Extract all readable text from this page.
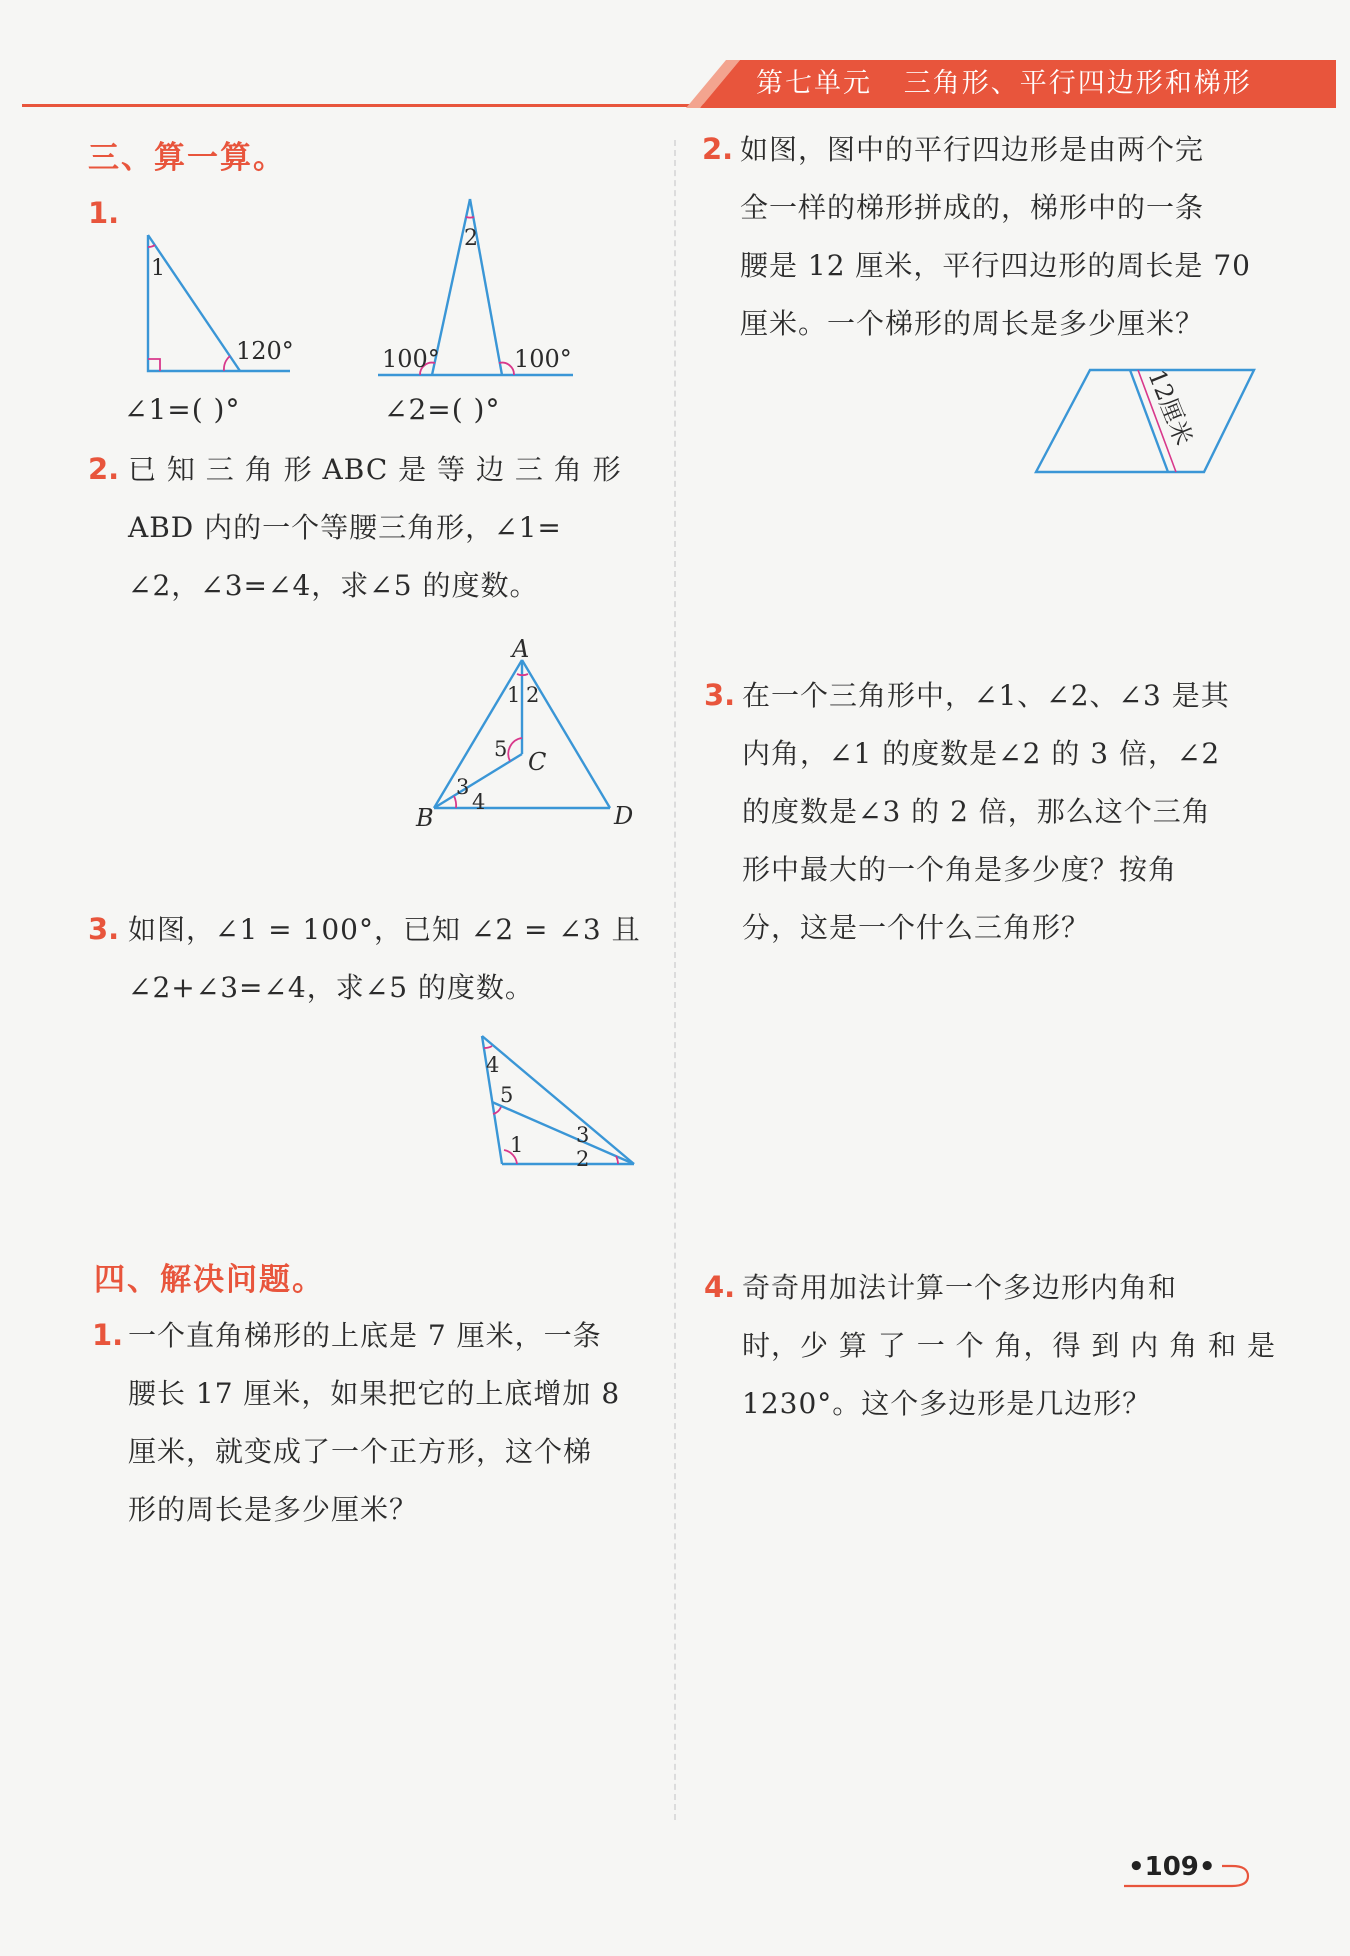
第七单元 三角形、平行四边形和梯形
三、算一算。
1.
1
120°
2
100°	100°
∠1=( )°	∠2=( )°
2. 已 知 三 角 形 ABC 是 等 边 三 角 形
ABD 内的一个等腰三角形，∠1=
∠2，∠3=∠4，求∠5 的度数。
A
B
C
D
1 2
3
4
5
3. 如图，∠1 = 100°，已知 ∠2 = ∠3 且
∠2+∠3=∠4，求∠5 的度数。
4
5
1
2
3
四、解决问题。
1. 一个直角梯形的上底是 7 厘米，一条
腰长 17 厘米，如果把它的上底增加 8
厘米，就变成了一个正方形，这个梯
形的周长是多少厘米？
2. 如图，图中的平行四边形是由两个完
全一样的梯形拼成的，梯形中的一条
腰是 12 厘米，平行四边形的周长是 70
厘米。一个梯形的周长是多少厘米？
12厘米
3. 在一个三角形中，∠1、∠2、∠3 是其
内角，∠1 的度数是∠2 的 3 倍，∠2
的度数是∠3 的 2 倍，那么这个三角
形中最大的一个角是多少度？按角
分，这是一个什么三角形？
4. 奇奇用加法计算一个多边形内角和
时，少 算 了 一 个 角，得 到 内 角 和 是
1230°。这个多边形是几边形？
•109•
